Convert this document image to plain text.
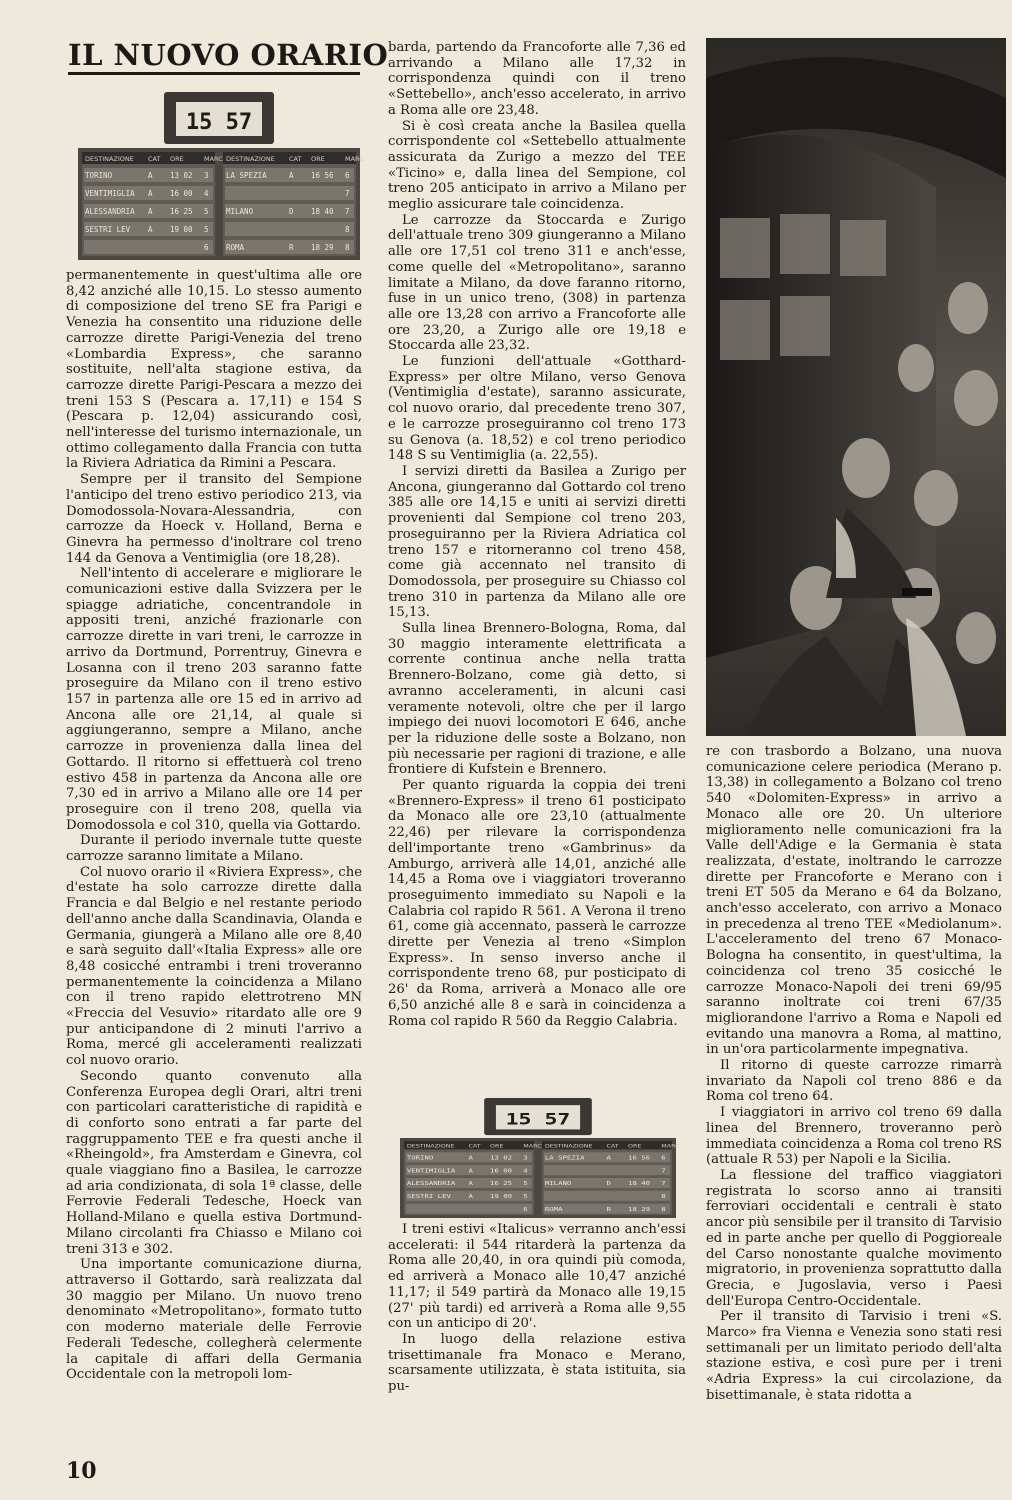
IL NUOVO ORARIO
15 57
DESTINAZIONE CAT ORE	MARC
TORINO	A 13 02 3
VENTIMIGLIA A 16 00 4
ALESSANDRIA A 16 25 5
SESTRI LEV A 19 00 5
6
DESTINAZIONE CAT ORE	MARC
LA SPEZIA	A 16 56 6
7
MILANO	D 18 40 7
8
ROMA	R 18 29 8
15 57
DESTINAZIONE CAT ORE	MARC
TORINO	A 13 02 3
VENTIMIGLIA A 16 00 4
ALESSANDRIA A 16 25 5
SESTRI LEV A 19 00 5
6
DESTINAZIONE CAT ORE	MARC
LA SPEZIA	A 16 56 6
7
MILANO	D 18 40 7
8
ROMA	R 18 29 8

permanentemente in quest'ultima alle ore 8,42 anziché alle 10,15. Lo stesso aumento di composizione del treno SE fra Parigi e Venezia ha consentito una riduzione delle carrozze dirette Parigi-Venezia del treno «Lombardia Express», che saranno sostituite, nell'alta stagione estiva, da carrozze dirette Parigi-Pescara a mezzo dei treni 153 S (Pescara a. 17,11) e 154 S (Pescara p. 12,04) assicurando così, nell'interesse del turismo internazionale, un ottimo collegamento dalla Francia con tutta la Riviera Adriatica da Rimini a Pescara.

Sempre per il transito del Sempione l'anticipo del treno estivo periodico 213, via Domodossola-Novara-Alessandria, con carrozze da Hoeck v. Holland, Berna e Ginevra ha permesso d'inoltrare col treno 144 da Genova a Ventimiglia (ore 18,28).

Nell'intento di accelerare e migliorare le comunicazioni estive dalla Svizzera per le spiagge adriatiche, concentrandole in appositi treni, anziché frazionarle con carrozze dirette in vari treni, le carrozze in arrivo da Dortmund, Porrentruy, Ginevra e Losanna con il treno 203 saranno fatte proseguire da Milano con il treno estivo 157 in partenza alle ore 15 ed in arrivo ad Ancona alle ore 21,14, al quale si aggiungeranno, sempre a Milano, anche carrozze in provenienza dalla linea del Gottardo. Il ritorno si effettuerà col treno estivo 458 in partenza da Ancona alle ore 7,30 ed in arrivo a Milano alle ore 14 per proseguire con il treno 208, quella via Domodossola e col 310, quella via Gottardo.

Durante il periodo invernale tutte queste carrozze saranno limitate a Milano.

Col nuovo orario il «Riviera Express», che d'estate ha solo carrozze dirette dalla Francia e dal Belgio e nel restante periodo dell'anno anche dalla Scandinavia, Olanda e Germania, giungerà a Milano alle ore 8,40 e sarà seguito dall'«Italia Express» alle ore 8,48 cosicché entrambi i treni troveranno permanentemente la coincidenza a Milano con il treno rapido elettrotreno MN «Freccia del Vesuvio» ritardato alle ore 9 pur anticipandone di 2 minuti l'arrivo a Roma, mercé gli acceleramenti realizzati col nuovo orario.

Secondo quanto convenuto alla Conferenza Europea degli Orari, altri treni con particolari caratteristiche di rapidità e di conforto sono entrati a far parte del raggruppamento TEE e fra questi anche il «Rheingold», fra Amsterdam e Ginevra, col quale viaggiano fino a Basilea, le carrozze ad aria condizionata, di sola 1ª classe, delle Ferrovie Federali Tedesche, Hoeck van Holland-Milano e quella estiva Dortmund-Milano circolanti fra Chiasso e Milano coi treni 313 e 302.

Una importante comunicazione diurna, attraverso il Gottardo, sarà realizzata dal 30 maggio per Milano. Un nuovo treno denominato «Metropolitano», formato tutto con moderno materiale delle Ferrovie Federali Tedesche, collegherà celermente la capitale di affari della Germania Occidentale con la metropoli lom-

barda, partendo da Francoforte alle 7,36 ed arrivando a Milano alle 17,32 in corrispondenza quindi con il treno «Settebello», anch'esso accelerato, in arrivo a Roma alle ore 23,48.

Si è così creata anche la Basilea quella corrispondente col «Settebello attualmente assicurata da Zurigo a mezzo del TEE «Ticino» e, dalla linea del Sempione, col treno 205 anticipato in arrivo a Milano per meglio assicurare tale coincidenza.

Le carrozze da Stoccarda e Zurigo dell'attuale treno 309 giungeranno a Milano alle ore 17,51 col treno 311 e anch'esse, come quelle del «Metropolitano», saranno limitate a Milano, da dove faranno ritorno, fuse in un unico treno, (308) in partenza alle ore 13,28 con arrivo a Francoforte alle ore 23,20, a Zurigo alle ore 19,18 e Stoccarda alle 23,32.

Le funzioni dell'attuale «Gotthard-Express» per oltre Milano, verso Genova (Ventimiglia d'estate), saranno assicurate, col nuovo orario, dal precedente treno 307, e le carrozze proseguiranno col treno 173 su Genova (a. 18,52) e col treno periodico 148 S su Ventimiglia (a. 22,55).

I servizi diretti da Basilea a Zurigo per Ancona, giungeranno dal Gottardo col treno 385 alle ore 14,15 e uniti ai servizi diretti provenienti dal Sempione col treno 203, proseguiranno per la Riviera Adriatica col treno 157 e ritorneranno col treno 458, come già accennato nel transito di Domodossola, per proseguire su Chiasso col treno 310 in partenza da Milano alle ore 15,13.

Sulla linea Brennero-Bologna, Roma, dal 30 maggio interamente elettrificata a corrente continua anche nella tratta Brennero-Bolzano, come già detto, si avranno acceleramenti, in alcuni casi veramente notevoli, oltre che per il largo impiego dei nuovi locomotori E 646, anche per la riduzione delle soste a Bolzano, non più necessarie per ragioni di trazione, e alle frontiere di Kufstein e Brennero.

Per quanto riguarda la coppia dei treni «Brennero-Express» il treno 61 posticipato da Monaco alle ore 23,10 (attualmente 22,46) per rilevare la corrispondenza dell'importante treno «Gambrinus» da Amburgo, arriverà alle 14,01, anziché alle 14,45 a Roma ove i viaggiatori troveranno proseguimento immediato su Napoli e la Calabria col rapido R 561. A Verona il treno 61, come già accennato, passerà le carrozze dirette per Venezia al treno «Simplon Express». In senso inverso anche il corrispondente treno 68, pur posticipato di 26' da Roma, arriverà a Monaco alle ore 6,50 anziché alle 8 e sarà in coincidenza a Roma col rapido R 560 da Reggio Calabria.

I treni estivi «Italicus» verranno anch'essi accelerati: il 544 ritarderà la partenza da Roma alle 20,40, in ora quindi più comoda, ed arriverà a Monaco alle 10,47 anziché 11,17; il 549 partirà da Monaco alle 19,15 (27' più tardi) ed arriverà a Roma alle 9,55 con un anticipo di 20'.

In luogo della relazione estiva trisettimanale fra Monaco e Merano, scarsamente utilizzata, è stata istituita, sia pu-

re con trasbordo a Bolzano, una nuova comunicazione celere periodica (Merano p. 13,38) in collegamento a Bolzano col treno 540 «Dolomiten-Express» in arrivo a Monaco alle ore 20. Un ulteriore miglioramento nelle comunicazioni fra la Valle dell'Adige e la Germania è stata realizzata, d'estate, inoltrando le carrozze dirette per Francoforte e Merano con i treni ET 505 da Merano e 64 da Bolzano, anch'esso accelerato, con arrivo a Monaco in precedenza al treno TEE «Mediolanum». L'acceleramento del treno 67 Monaco-Bologna ha consentito, in quest'ultima, la coincidenza col treno 35 cosicché le carrozze Monaco-Napoli dei treni 69/95 saranno inoltrate coi treni 67/35 migliorandone l'arrivo a Roma e Napoli ed evitando una manovra a Roma, al mattino, in un'ora particolarmente impegnativa.

Il ritorno di queste carrozze rimarrà invariato da Napoli col treno 886 e da Roma col treno 64.

I viaggiatori in arrivo col treno 69 dalla linea del Brennero, troveranno però immediata coincidenza a Roma col treno RS (attuale R 53) per Napoli e la Sicilia.

La flessione del traffico viaggiatori registrata lo scorso anno ai transiti ferroviari occidentali e centrali è stato ancor più sensibile per il transito di Tarvisio ed in parte anche per quello di Poggioreale del Carso nonostante qualche movimento migratorio, in provenienza soprattutto dalla Grecia, e Jugoslavia, verso i Paesi dell'Europa Centro-Occidentale.

Per il transito di Tarvisio i treni «S. Marco» fra Vienna e Venezia sono stati resi settimanali per un limitato periodo dell'alta stazione estiva, e così pure per i treni «Adria Express» la cui circolazione, da bisettimanale, è stata ridotta a

10
